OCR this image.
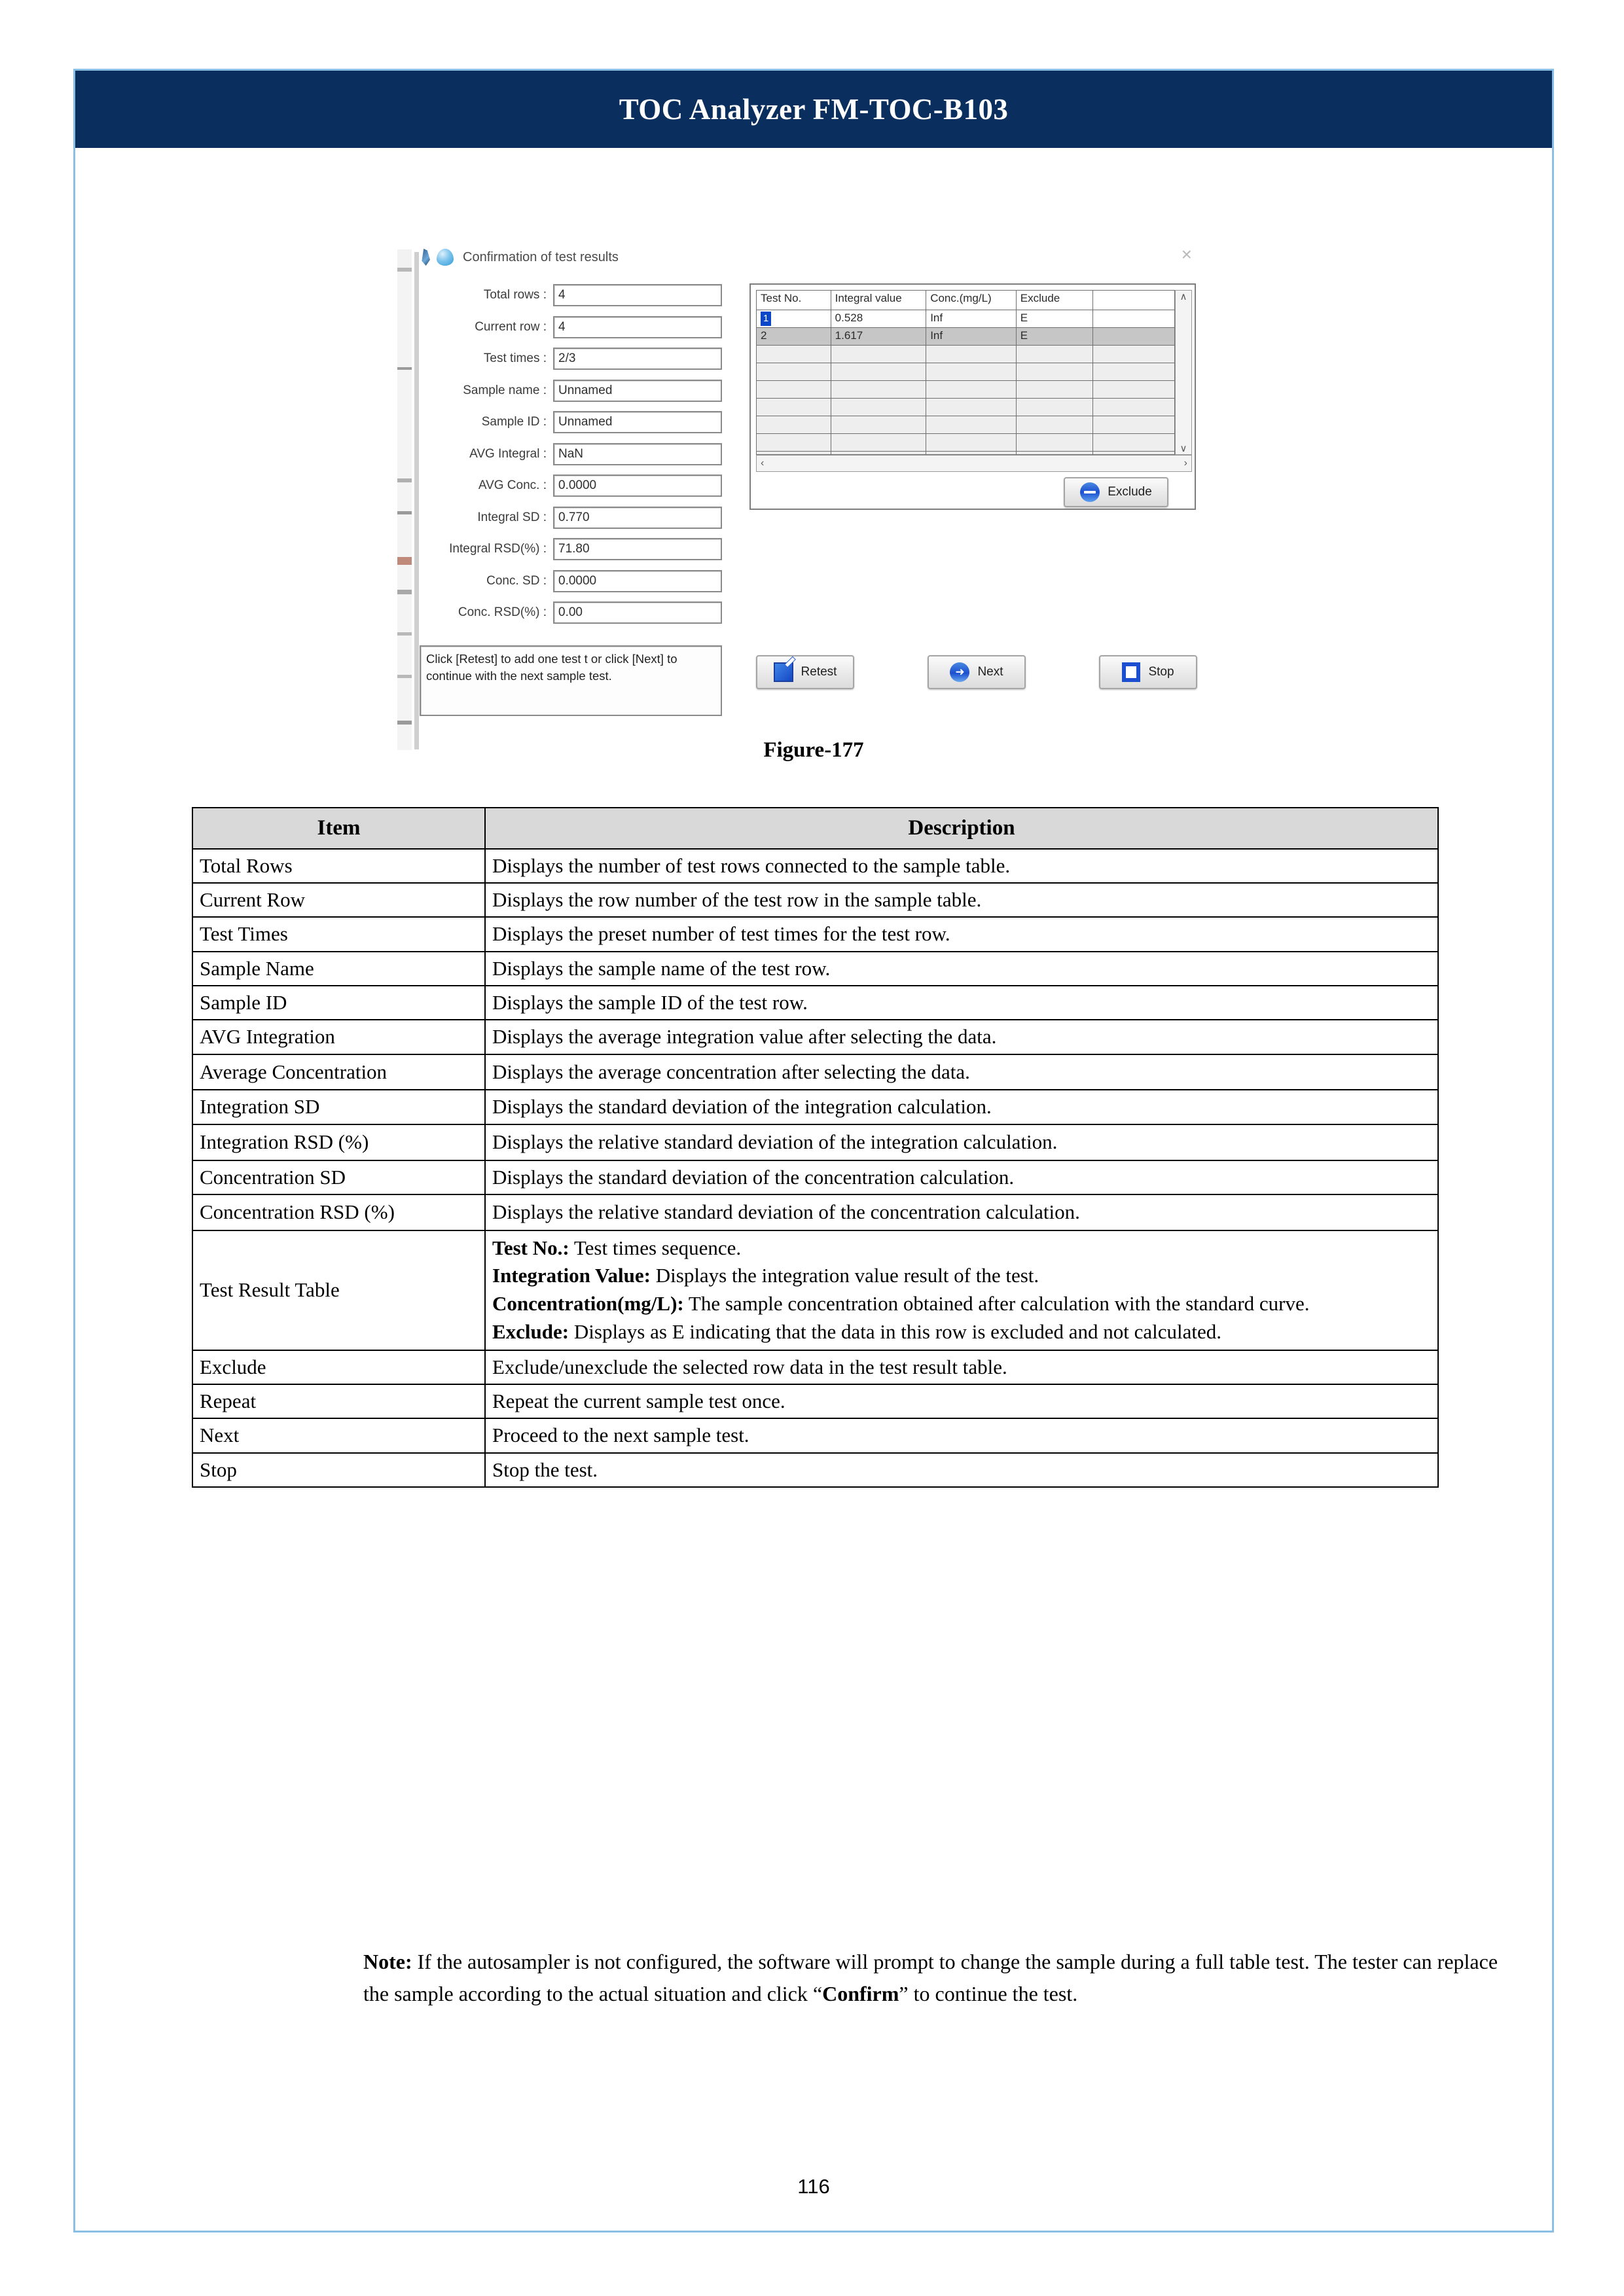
TOC Analyzer FM-TOC-B103
Confirmation of test results	×
Total rows : 4
Current row : 4
Test times : 2/3
Sample name : Unnamed
Sample ID : Unnamed
AVG Integral : NaN
AVG Conc. : 0.0000
Integral SD : 0.770
Integral RSD(%) : 71.80
Conc. SD : 0.0000
Conc. RSD(%) : 0.00
Click [Retest] to add one test t or click [Next] to continue with the next sample test.
Test No.	Integral value	Conc.(mg/L)	Exclude
1	0.528	Inf	E
2	1.617	Inf	E
∧
∨
‹	›
Exclude
Retest ➜	Next	Stop
Figure-177
Item	Description
Total Rows	Displays the number of test rows connected to the sample table.
Current Row	Displays the row number of the test row in the sample table.
Test Times	Displays the preset number of test times for the test row.
Sample Name	Displays the sample name of the test row.
Sample ID	Displays the sample ID of the test row.
AVG Integration	Displays the average integration value after selecting the data.
Average Concentration	Displays the average concentration after selecting the data.
Integration SD	Displays the standard deviation of the integration calculation.
Integration RSD (%)	Displays the relative standard deviation of the integration calculation.
Concentration SD	Displays the standard deviation of the concentration calculation.
Concentration RSD (%)	Displays the relative standard deviation of the concentration calculation.
Test Result Table	Test No.: Test times sequence.
Integration Value: Displays the integration value result of the test.
Concentration(mg/L): The sample concentration obtained after calculation with the standard curve.
Exclude: Displays as E indicating that the data in this row is excluded and not calculated.

Exclude	Exclude/unexclude the selected row data in the test result table.
Repeat	Repeat the current sample test once.
Next	Proceed to the next sample test.
Stop	Stop the test.
Note: If the autosampler is not configured, the software will prompt to change the sample during a full table test. The tester can replace the sample according to the actual situation and click “Confirm” to continue the test.
116
